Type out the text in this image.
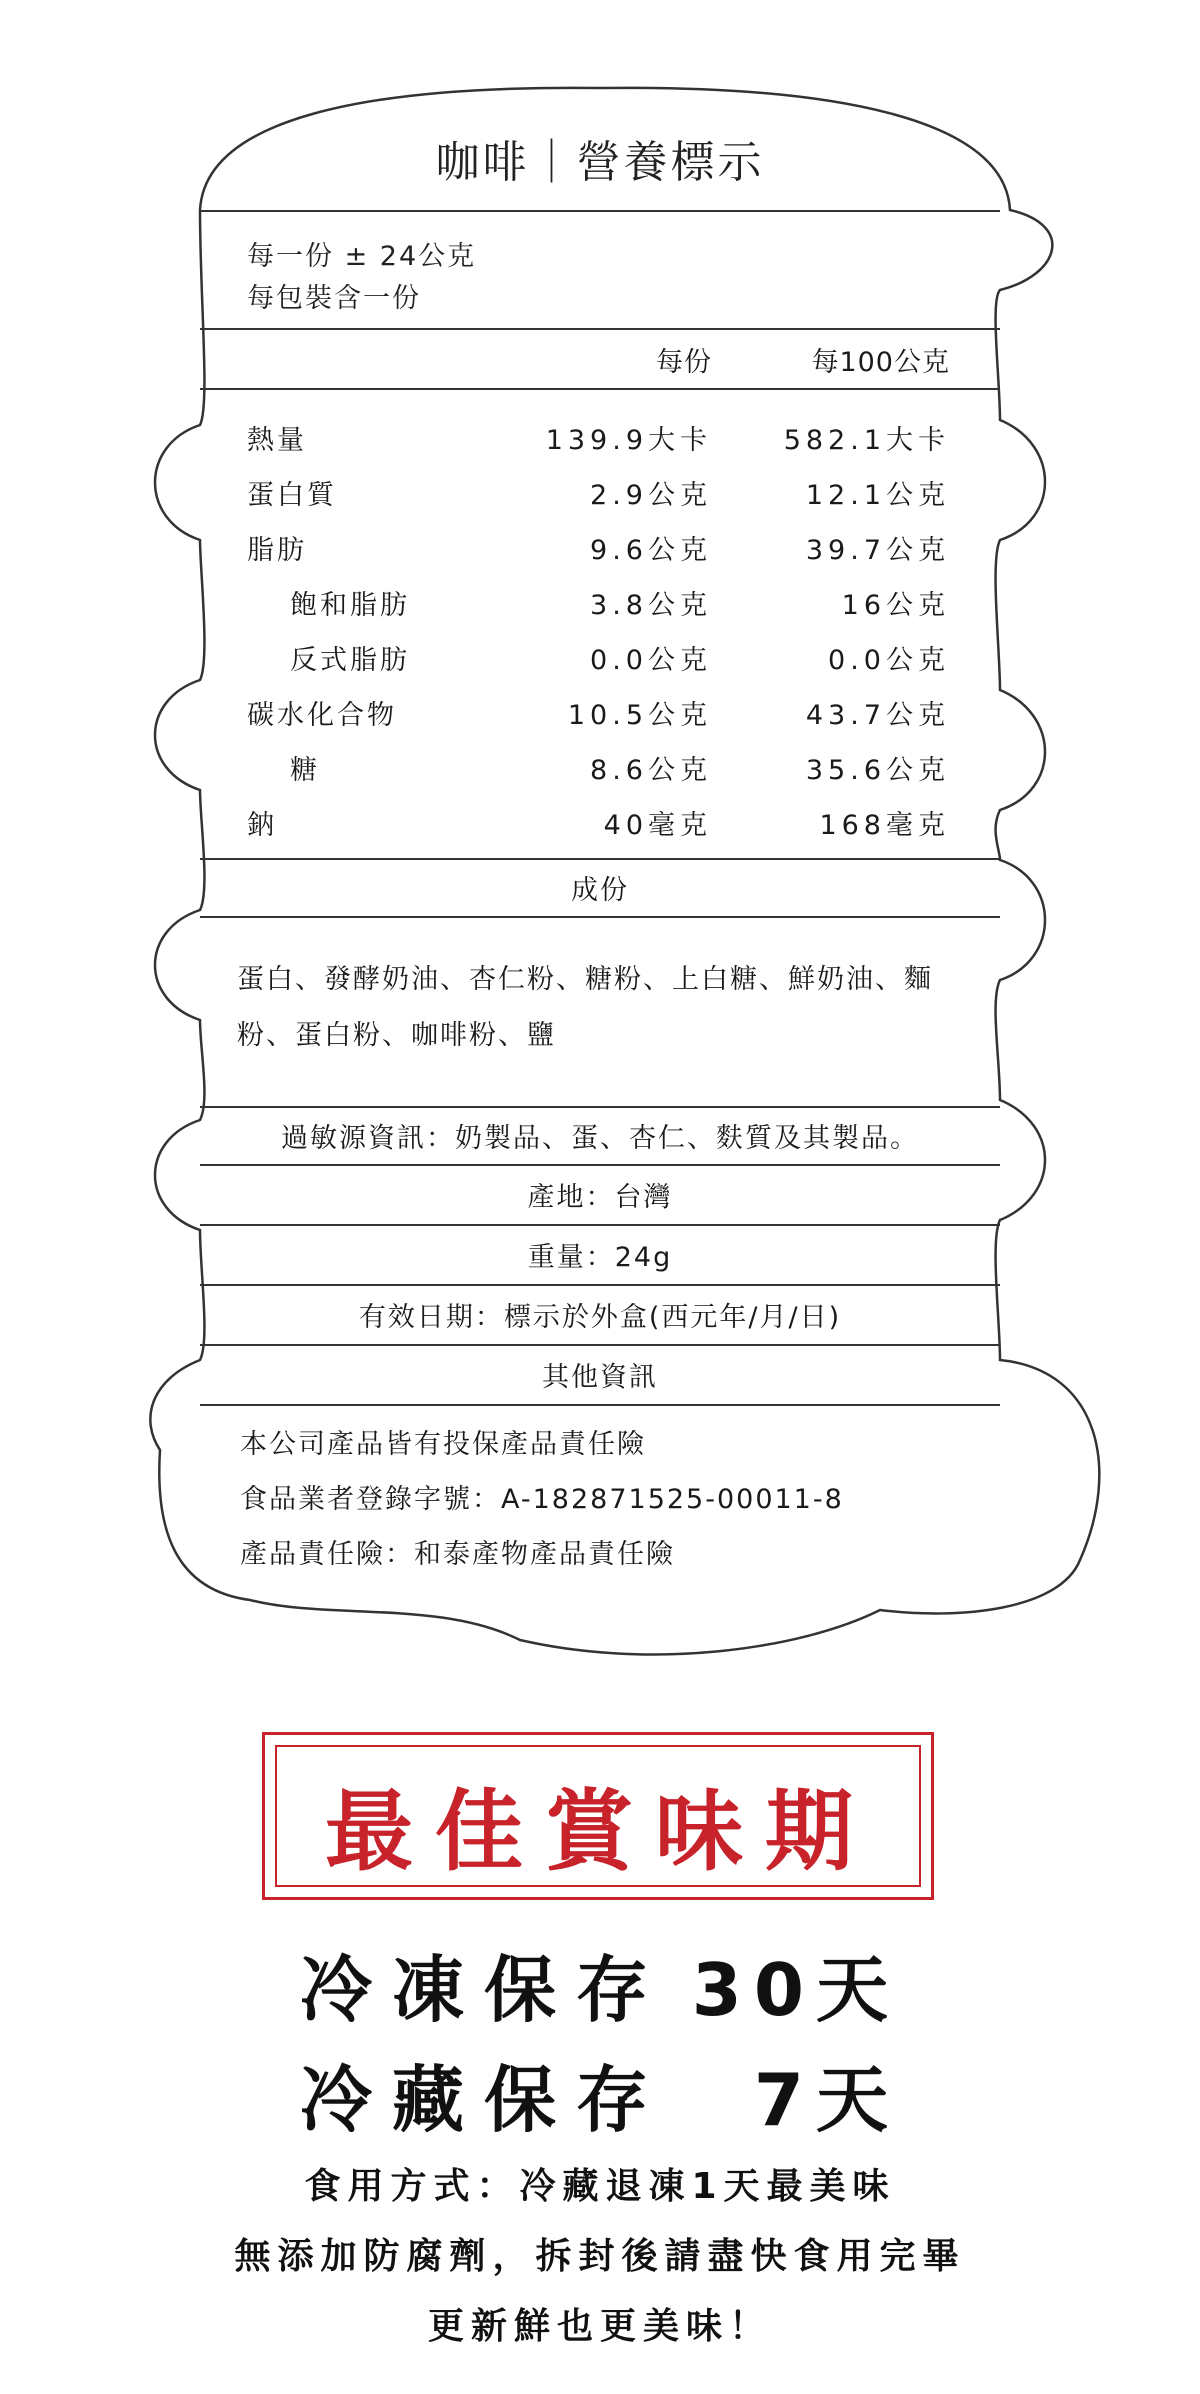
咖啡｜營養標示
每一份 ± 24公克
每包裝含一份
每份	每100公克
熱量	139.9大卡	582.1大卡
蛋白質	2.9公克	12.1公克
脂肪	9.6公克	39.7公克
飽和脂肪	3.8公克	16公克
反式脂肪	0.0公克	0.0公克
碳水化合物	10.5公克	43.7公克
糖	8.6公克	35.6公克
鈉	40毫克	168毫克
成份
蛋白、發酵奶油、杏仁粉、糖粉、上白糖、鮮奶油、麵粉、蛋白粉、咖啡粉、鹽
過敏源資訊：奶製品、蛋、杏仁、麩質及其製品。
產地：台灣
重量：24g
有效日期：標示於外盒(西元年/月/日)
其他資訊
本公司產品皆有投保產品責任險
食品業者登錄字號：A-182871525-00011-8
產品責任險：和泰產物產品責任險
最佳賞味期
冷凍保存 30天
冷藏保存 7天
食用方式：冷藏退凍1天最美味
無添加防腐劑，拆封後請盡快食用完畢
更新鮮也更美味！
